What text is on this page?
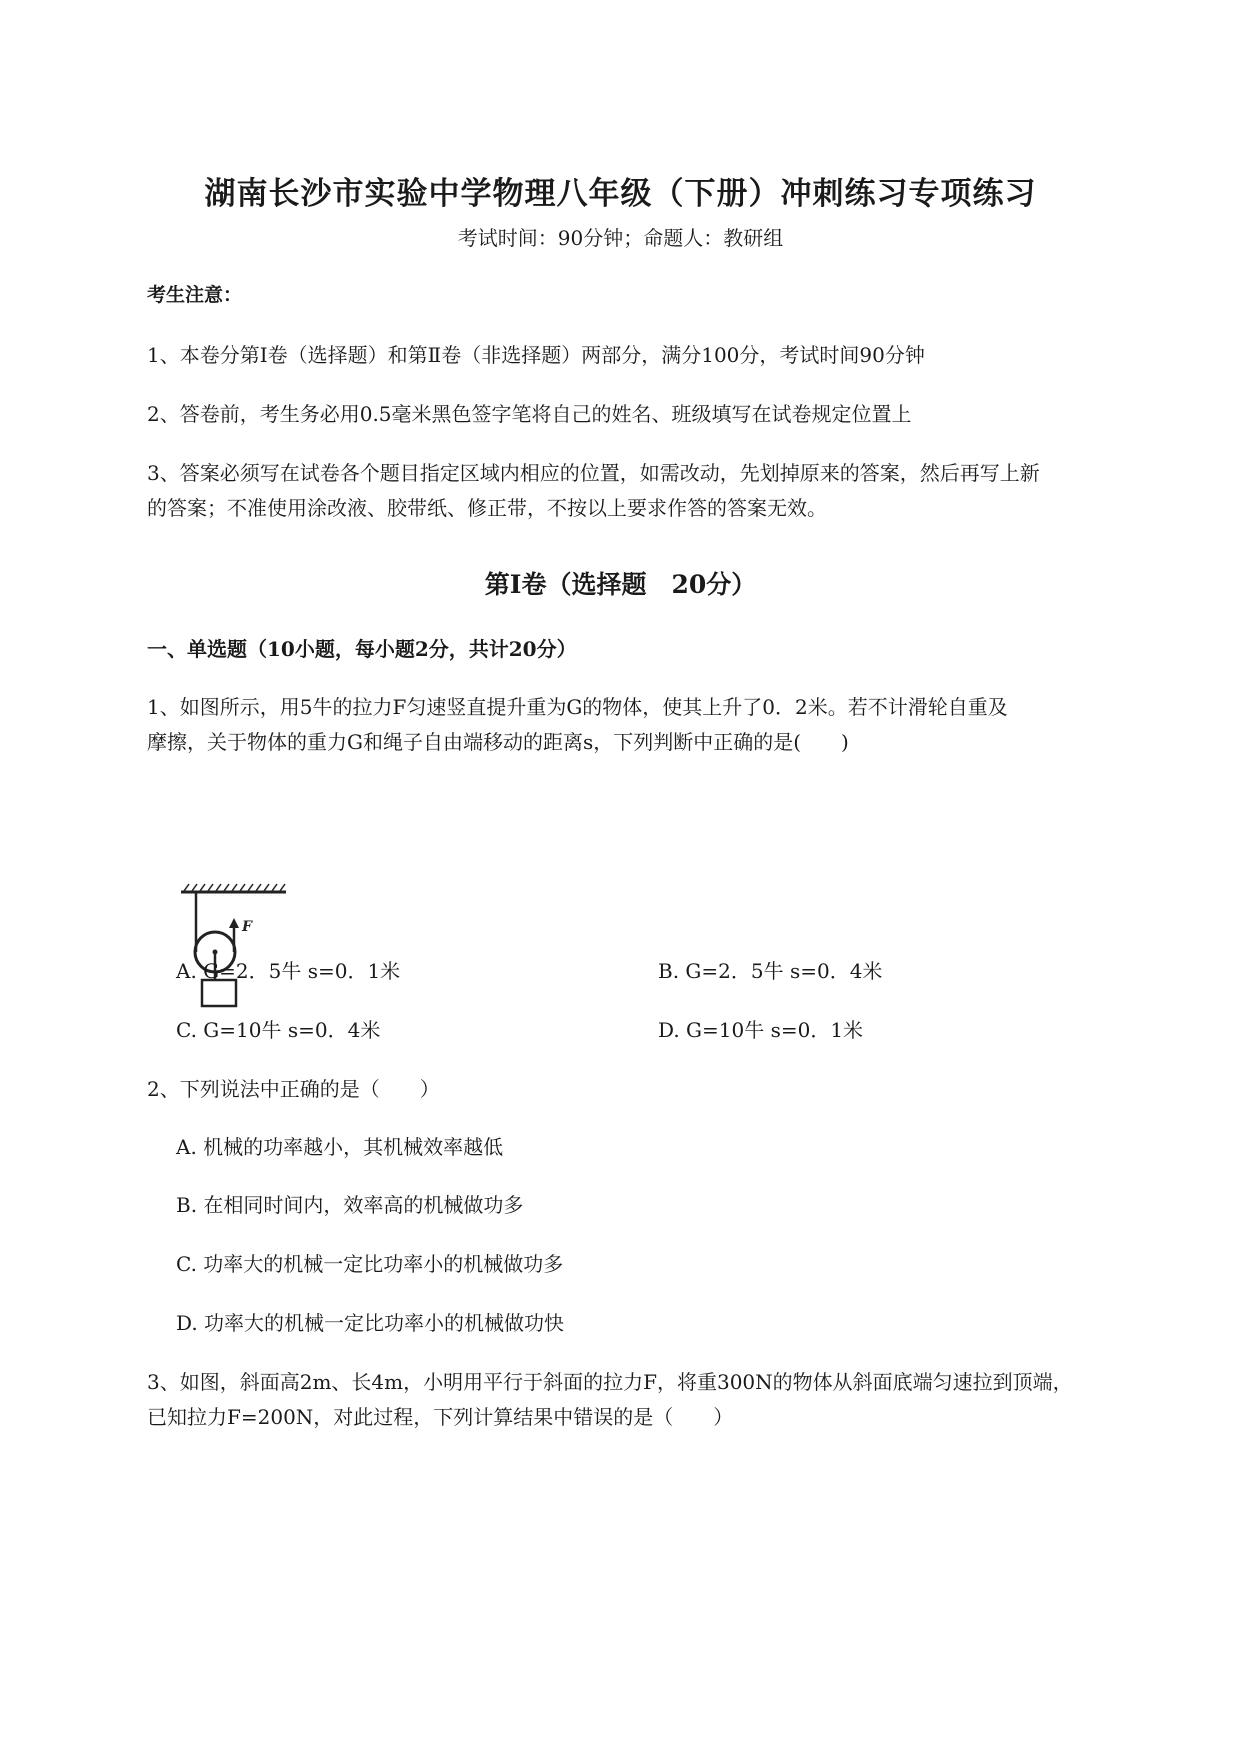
湖南长沙市实验中学物理八年级（下册）冲刺练习专项练习
考试时间：90分钟；命题人：教研组
考生注意：
1、本卷分第Ⅰ卷（选择题）和第Ⅱ卷（非选择题）两部分，满分100分，考试时间90分钟
2、答卷前，考生务必用0.5毫米黑色签字笔将自己的姓名、班级填写在试卷规定位置上
3、答案必须写在试卷各个题目指定区域内相应的位置，如需改动，先划掉原来的答案，然后再写上新
的答案；不准使用涂改液、胶带纸、修正带，不按以上要求作答的答案无效。
第Ⅰ卷（选择题　20分）
一、单选题（10小题，每小题2分，共计20分）
1、如图所示，用5牛的拉力F匀速竖直提升重为G的物体，使其上升了0．2米。若不计滑轮自重及
摩擦，关于物体的重力G和绳子自由端移动的距离s，下列判断中正确的是(　　)
F
A. G=2．5牛 s=0．1米	B. G=2．5牛 s=0．4米
C. G=10牛 s=0．4米	D. G=10牛 s=0．1米
2、下列说法中正确的是（　　）
A. 机械的功率越小，其机械效率越低
B. 在相同时间内，效率高的机械做功多
C. 功率大的机械一定比功率小的机械做功多
D. 功率大的机械一定比功率小的机械做功快
3、如图，斜面高2m、长4m，小明用平行于斜面的拉力F，将重300N的物体从斜面底端匀速拉到顶端，
已知拉力F=200N，对此过程，下列计算结果中错误的是（　　）
